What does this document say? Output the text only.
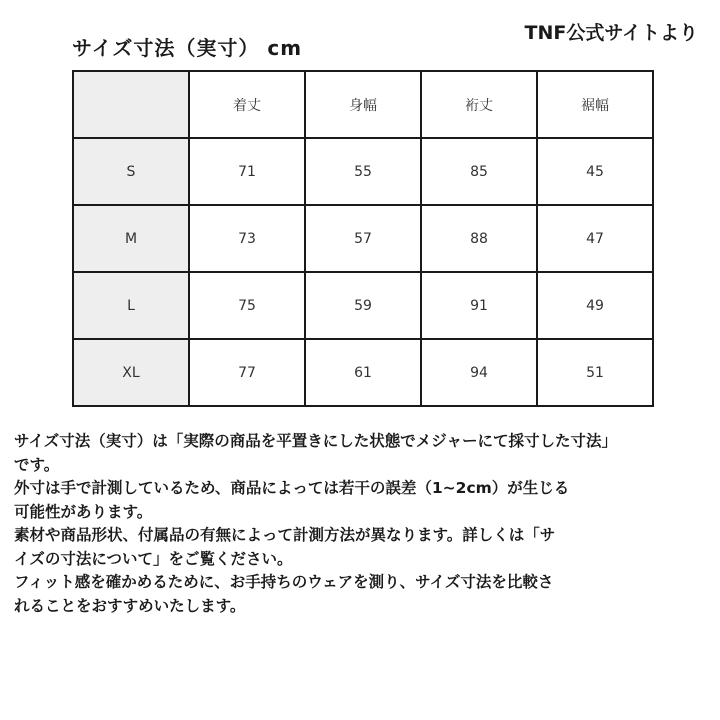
サイズ寸法（実寸） cm
TNF公式サイトより
	着丈	身幅	裄丈	裾幅
S	71	55	85	45
M	73	57	88	47
L	75	59	91	49
XL	77	61	94	51

サイズ寸法（実寸）は「実際の商品を平置きにした状態でメジャーにて採寸した寸法」

です。

外寸は手で計測しているため、商品によっては若干の誤差（1~2cm）が生じる

可能性があります。

素材や商品形状、付属品の有無によって計測方法が異なります。詳しくは「サ

イズの寸法について」をご覧ください。

フィット感を確かめるために、お手持ちのウェアを測り、サイズ寸法を比較さ

れることをおすすめいたします。
